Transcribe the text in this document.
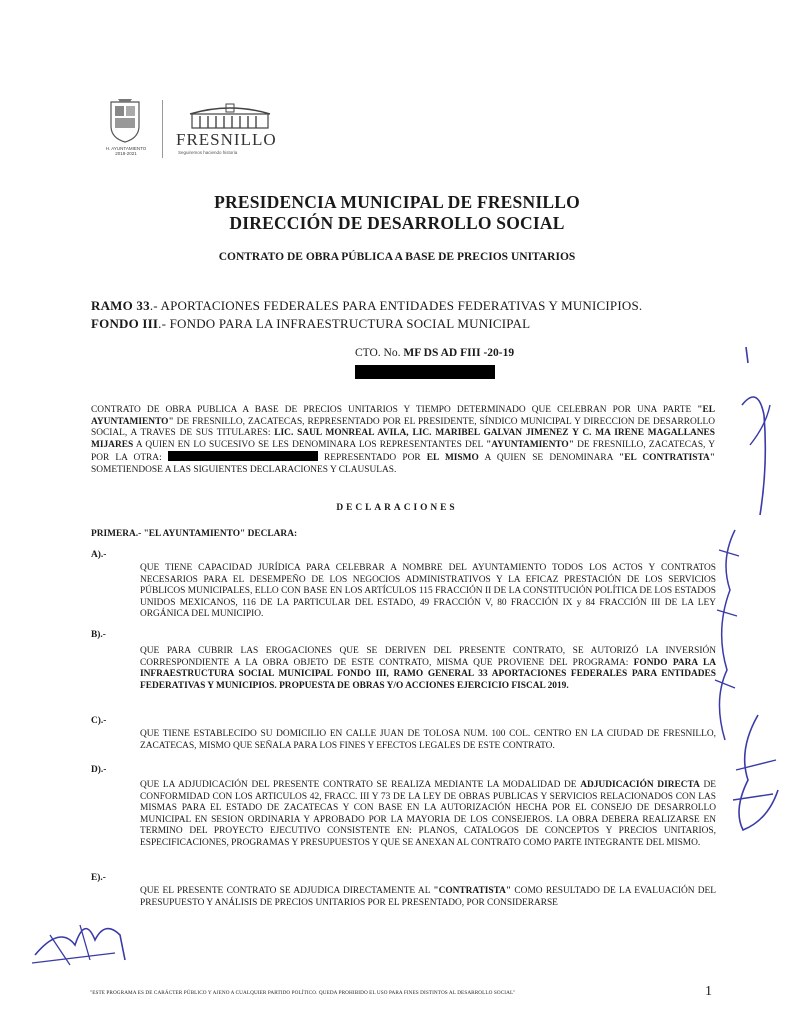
H. AYUNTAMIENTO
2018-2021
FRESNILLO
Seguiremos haciendo historia
PRESIDENCIA MUNICIPAL DE FRESNILLO
DIRECCIÓN DE DESARROLLO SOCIAL
CONTRATO DE OBRA PÚBLICA A BASE DE PRECIOS UNITARIOS
RAMO 33.- APORTACIONES FEDERALES PARA ENTIDADES FEDERATIVAS Y MUNICIPIOS.
FONDO III.- FONDO PARA LA INFRAESTRUCTURA SOCIAL MUNICIPAL
CTO. No. MF DS AD FIII -20-19
CONTRATO DE OBRA PUBLICA A BASE DE PRECIOS UNITARIOS Y TIEMPO DETERMINADO QUE CELEBRAN POR UNA PARTE "EL AYUNTAMIENTO" DE FRESNILLO, ZACATECAS, REPRESENTADO POR EL PRESIDENTE, SÍNDICO MUNICIPAL Y DIRECCION DE DESARROLLO SOCIAL, A TRAVES DE SUS TITULARES: LIC. SAUL MONREAL AVILA, LIC. MARIBEL GALVAN JIMENEZ Y C. MA IRENE MAGALLANES MIJARES A QUIEN EN LO SUCESIVO SE LES DENOMINARA LOS REPRESENTANTES DEL "AYUNTAMIENTO" DE FRESNILLO, ZACATECAS, Y POR LA OTRA:	REPRESENTADO POR EL MISMO A QUIEN SE DENOMINARA "EL CONTRATISTA" SOMETIENDOSE A LAS SIGUIENTES DECLARACIONES Y CLAUSULAS.
DECLARACIONES
PRIMERA.- "EL AYUNTAMIENTO" DECLARA:
A).-
QUE TIENE CAPACIDAD JURÍDICA PARA CELEBRAR A NOMBRE DEL AYUNTAMIENTO TODOS LOS ACTOS Y CONTRATOS NECESARIOS PARA EL DESEMPEÑO DE LOS NEGOCIOS ADMINISTRATIVOS Y LA EFICAZ PRESTACIÓN DE LOS SERVICIOS PÚBLICOS MUNICIPALES, ELLO CON BASE EN LOS ARTÍCULOS 115 FRACCIÓN II DE LA CONSTITUCIÓN POLÍTICA DE LOS ESTADOS UNIDOS MEXICANOS, 116 DE LA PARTICULAR DEL ESTADO, 49 FRACCIÓN V, 80 FRACCIÓN IX y 84 FRACCIÓN III DE LA LEY ORGÁNICA DEL MUNICIPIO.
B).-
QUE PARA CUBRIR LAS EROGACIONES QUE SE DERIVEN DEL PRESENTE CONTRATO, SE AUTORIZÓ LA INVERSIÓN CORRESPONDIENTE A LA OBRA OBJETO DE ESTE CONTRATO, MISMA QUE PROVIENE DEL PROGRAMA: FONDO PARA LA INFRAESTRUCTURA SOCIAL MUNICIPAL FONDO III, RAMO GENERAL 33 APORTACIONES FEDERALES PARA ENTIDADES FEDERATIVAS Y MUNICIPIOS. PROPUESTA DE OBRAS Y/O ACCIONES EJERCICIO FISCAL 2019.
C).-
QUE TIENE ESTABLECIDO SU DOMICILIO EN CALLE JUAN DE TOLOSA NUM. 100 COL. CENTRO EN LA CIUDAD DE FRESNILLO, ZACATECAS, MISMO QUE SEÑALA PARA LOS FINES Y EFECTOS LEGALES DE ESTE CONTRATO.
D).-
QUE LA ADJUDICACIÓN DEL PRESENTE CONTRATO SE REALIZA MEDIANTE LA MODALIDAD DE ADJUDICACIÓN DIRECTA DE CONFORMIDAD CON LOS ARTICULOS 42, FRACC. III Y 73 DE LA LEY DE OBRAS PUBLICAS Y SERVICIOS RELACIONADOS CON LAS MISMAS PARA EL ESTADO DE ZACATECAS Y CON BASE EN LA AUTORIZACIÓN HECHA POR EL CONSEJO DE DESARROLLO MUNICIPAL EN SESION ORDINARIA Y APROBADO POR LA MAYORIA DE LOS CONSEJEROS. LA OBRA DEBERA REALIZARSE EN TERMINO DEL PROYECTO EJECUTIVO CONSISTENTE EN: PLANOS, CATALOGOS DE CONCEPTOS Y PRECIOS UNITARIOS, ESPECIFICACIONES, PROGRAMAS Y PRESUPUESTOS Y QUE SE ANEXAN AL CONTRATO COMO PARTE INTEGRANTE DEL MISMO.
E).-
QUE EL PRESENTE CONTRATO SE ADJUDICA DIRECTAMENTE AL "CONTRATISTA" COMO RESULTADO DE LA EVALUACIÓN DEL PRESUPUESTO Y ANÁLISIS DE PRECIOS UNITARIOS POR EL PRESENTADO, POR CONSIDERARSE
"ESTE PROGRAMA ES DE CARÁCTER PÚBLICO Y AJENO A CUALQUIER PARTIDO POLÍTICO. QUEDA PROHIBIDO EL USO PARA FINES DISTINTOS AL DESARROLLO SOCIAL"	1
